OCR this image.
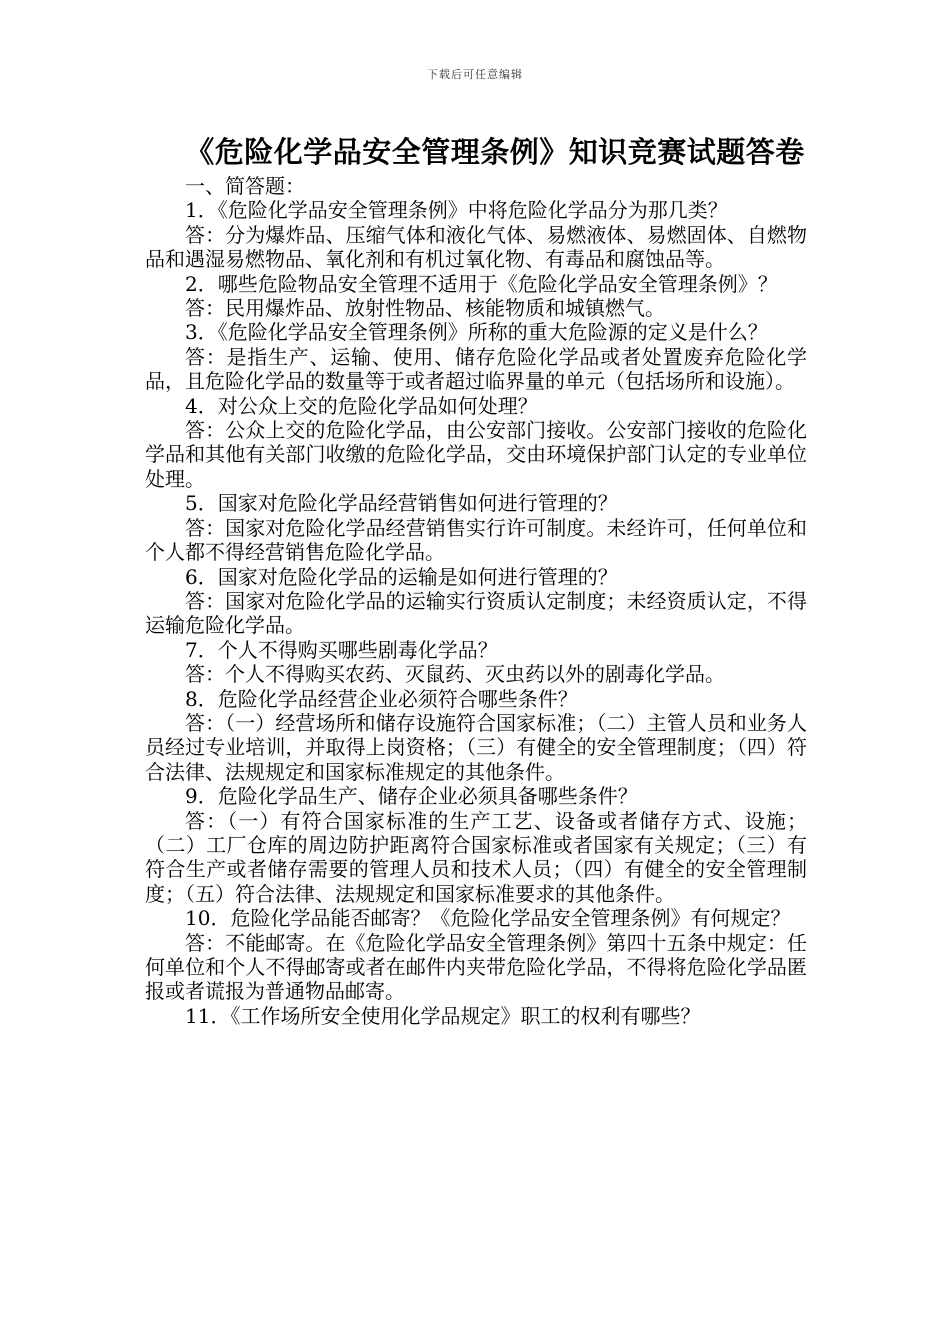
下载后可任意编辑
《危险化学品安全管理条例》知识竞赛试题答卷

一、简答题：

1．《危险化学品安全管理条例》中将危险化学品分为那几类？

答：分为爆炸品、压缩气体和液化气体、易燃液体、易燃固体、自燃物品和遇湿易燃物品、氧化剂和有机过氧化物、有毒品和腐蚀品等。

2．哪些危险物品安全管理不适用于《危险化学品安全管理条例》？

答：民用爆炸品、放射性物品、核能物质和城镇燃气。

3．《危险化学品安全管理条例》所称的重大危险源的定义是什么？

答：是指生产、运输、使用、储存危险化学品或者处置废弃危险化学品，且危险化学品的数量等于或者超过临界量的单元（包括场所和设施）。

4．对公众上交的危险化学品如何处理？

答：公众上交的危险化学品，由公安部门接收。公安部门接收的危险化学品和其他有关部门收缴的危险化学品，交由环境保护部门认定的专业单位处理。

5．国家对危险化学品经营销售如何进行管理的？

答：国家对危险化学品经营销售实行许可制度。未经许可，任何单位和个人都不得经营销售危险化学品。

6．国家对危险化学品的运输是如何进行管理的？

答：国家对危险化学品的运输实行资质认定制度；未经资质认定，不得运输危险化学品。

7．个人不得购买哪些剧毒化学品？

答：个人不得购买农药、灭鼠药、灭虫药以外的剧毒化学品。

8．危险化学品经营企业必须符合哪些条件？

答：（一）经营场所和储存设施符合国家标准；（二）主管人员和业务人员经过专业培训，并取得上岗资格；（三）有健全的安全管理制度；（四）符合法律、法规规定和国家标准规定的其他条件。

9．危险化学品生产、储存企业必须具备哪些条件？

答：（一）有符合国家标准的生产工艺、设备或者储存方式、设施；（二）工厂仓库的周边防护距离符合国家标准或者国家有关规定；（三）有符合生产或者储存需要的管理人员和技术人员；（四）有健全的安全管理制度；（五）符合法律、法规规定和国家标准要求的其他条件。

10．危险化学品能否邮寄？《危险化学品安全管理条例》有何规定？

答：不能邮寄。在《危险化学品安全管理条例》第四十五条中规定：任何单位和个人不得邮寄或者在邮件内夹带危险化学品，不得将危险化学品匿报或者谎报为普通物品邮寄。

11．《工作场所安全使用化学品规定》职工的权利有哪些？
